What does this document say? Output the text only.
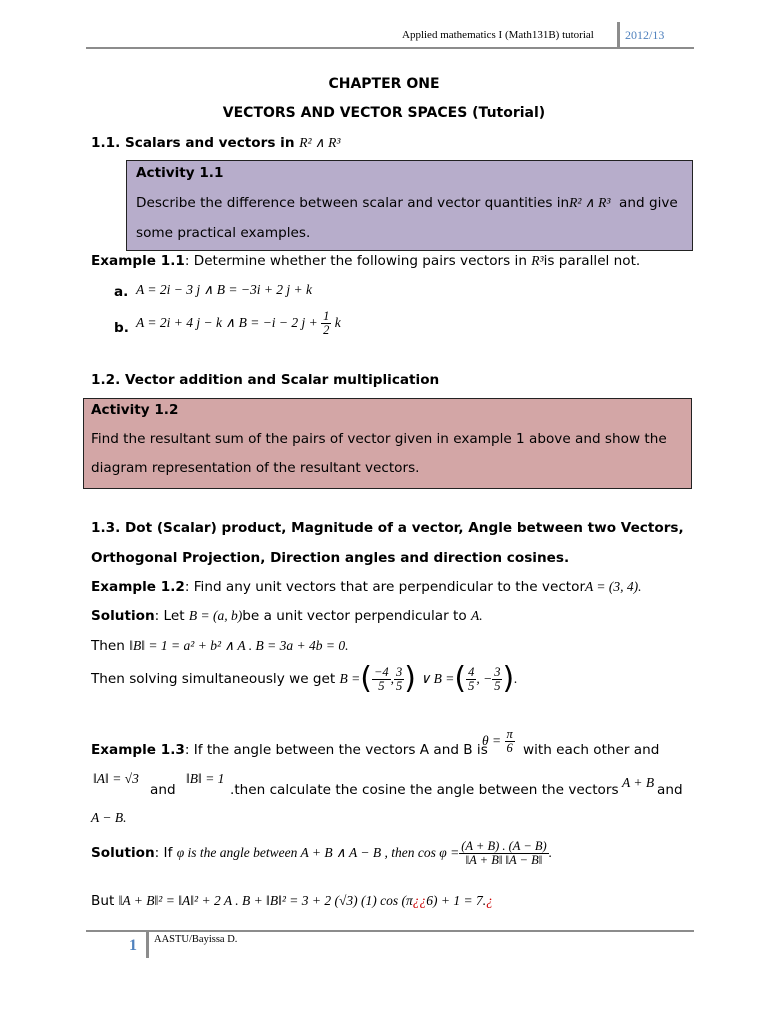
Applied mathematics I (Math131B) tutorial	2012/13
CHAPTER ONE
VECTORS AND VECTOR SPACES (Tutorial)
1.1. Scalars and vectors in R² ∧ R³
Activity 1.1
Describe the difference between scalar and vector quantities inR² ∧ R³ and give
some practical examples.
Example 1.1: Determine whether the following pairs vectors in R³is parallel not.
a. A = 2i − 3 j ∧ B = −3i + 2 j + k
b. A = 2i + 4 j − k ∧ B = −i − 2 $j + \frac{1}{2}$ k
1.2. Vector addition and Scalar multiplication
Activity 1.2
Find the resultant sum of the pairs of vector given in example 1 above and show the
diagram representation of the resultant vectors.
1.3. Dot (Scalar) product, Magnitude of a vector, Angle between two Vectors,
Orthogonal Projection, Direction angles and direction cosines.
Example 1.2: Find any unit vectors that are perpendicular to the vectorA = (3, 4).
Solution: Let B = (a, b)be a unit vector perpendicular to A.
Then ‖B‖ = 1 = a² + b² ∧ A . B = 3a + 4b = 0.
Then solving simultaneously we get B =( $\frac{-4}{5}$ , $\frac{3}{5}$ ) ∨ B =( $\frac{4}{5}$ , − $\frac{3}{5}$ ).
$\theta = \frac{\pi}{6}$
Example 1.3: If the angle between the vectors A and B is	with each other and
‖A‖ = √3
and
‖B‖ = 1
.then calculate the cosine the angle between the vectors A + B and
A − B.
Solution: If φ is the angle between A + B ∧ A − B , then $\cos \varphi = \frac{(A + B) . (A - B)}{‖A + B‖ ‖A - B‖}$ .
But ‖A + B‖² = ‖A‖² + 2 A . B + ‖B‖² = 3 + 2 (√3) (1) cos (π¿¿6) + 1 = 7.¿
1 AASTU/Bayissa D.
